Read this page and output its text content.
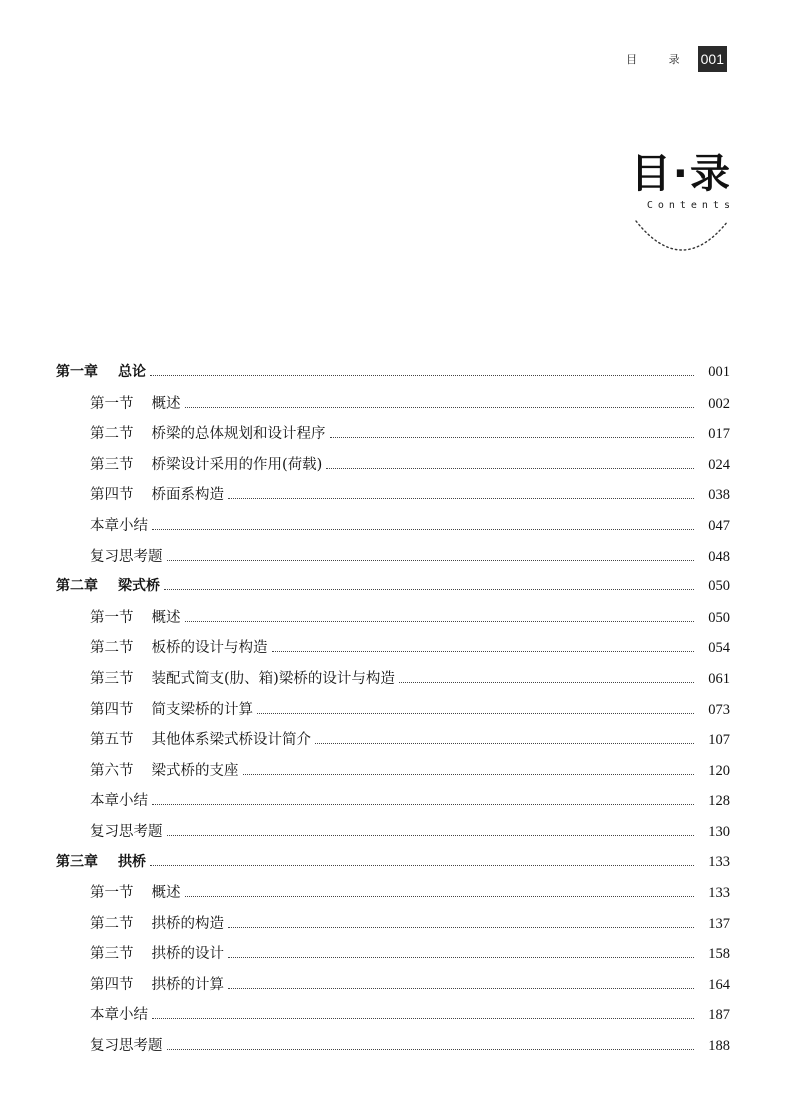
目 录 001
目·录
Contents
第一章 总论	001
第一节 概述	002
第二节 桥梁的总体规划和设计程序	017
第三节 桥梁设计采用的作用(荷载)	024
第四节 桥面系构造	038
本章小结	047
复习思考题	048
第二章 梁式桥	050
第一节 概述	050
第二节 板桥的设计与构造	054
第三节 装配式简支(肋、箱)梁桥的设计与构造	061
第四节 简支梁桥的计算	073
第五节 其他体系梁式桥设计简介	107
第六节 梁式桥的支座	120
本章小结	128
复习思考题	130
第三章 拱桥	133
第一节 概述	133
第二节 拱桥的构造	137
第三节 拱桥的设计	158
第四节 拱桥的计算	164
本章小结	187
复习思考题	188
